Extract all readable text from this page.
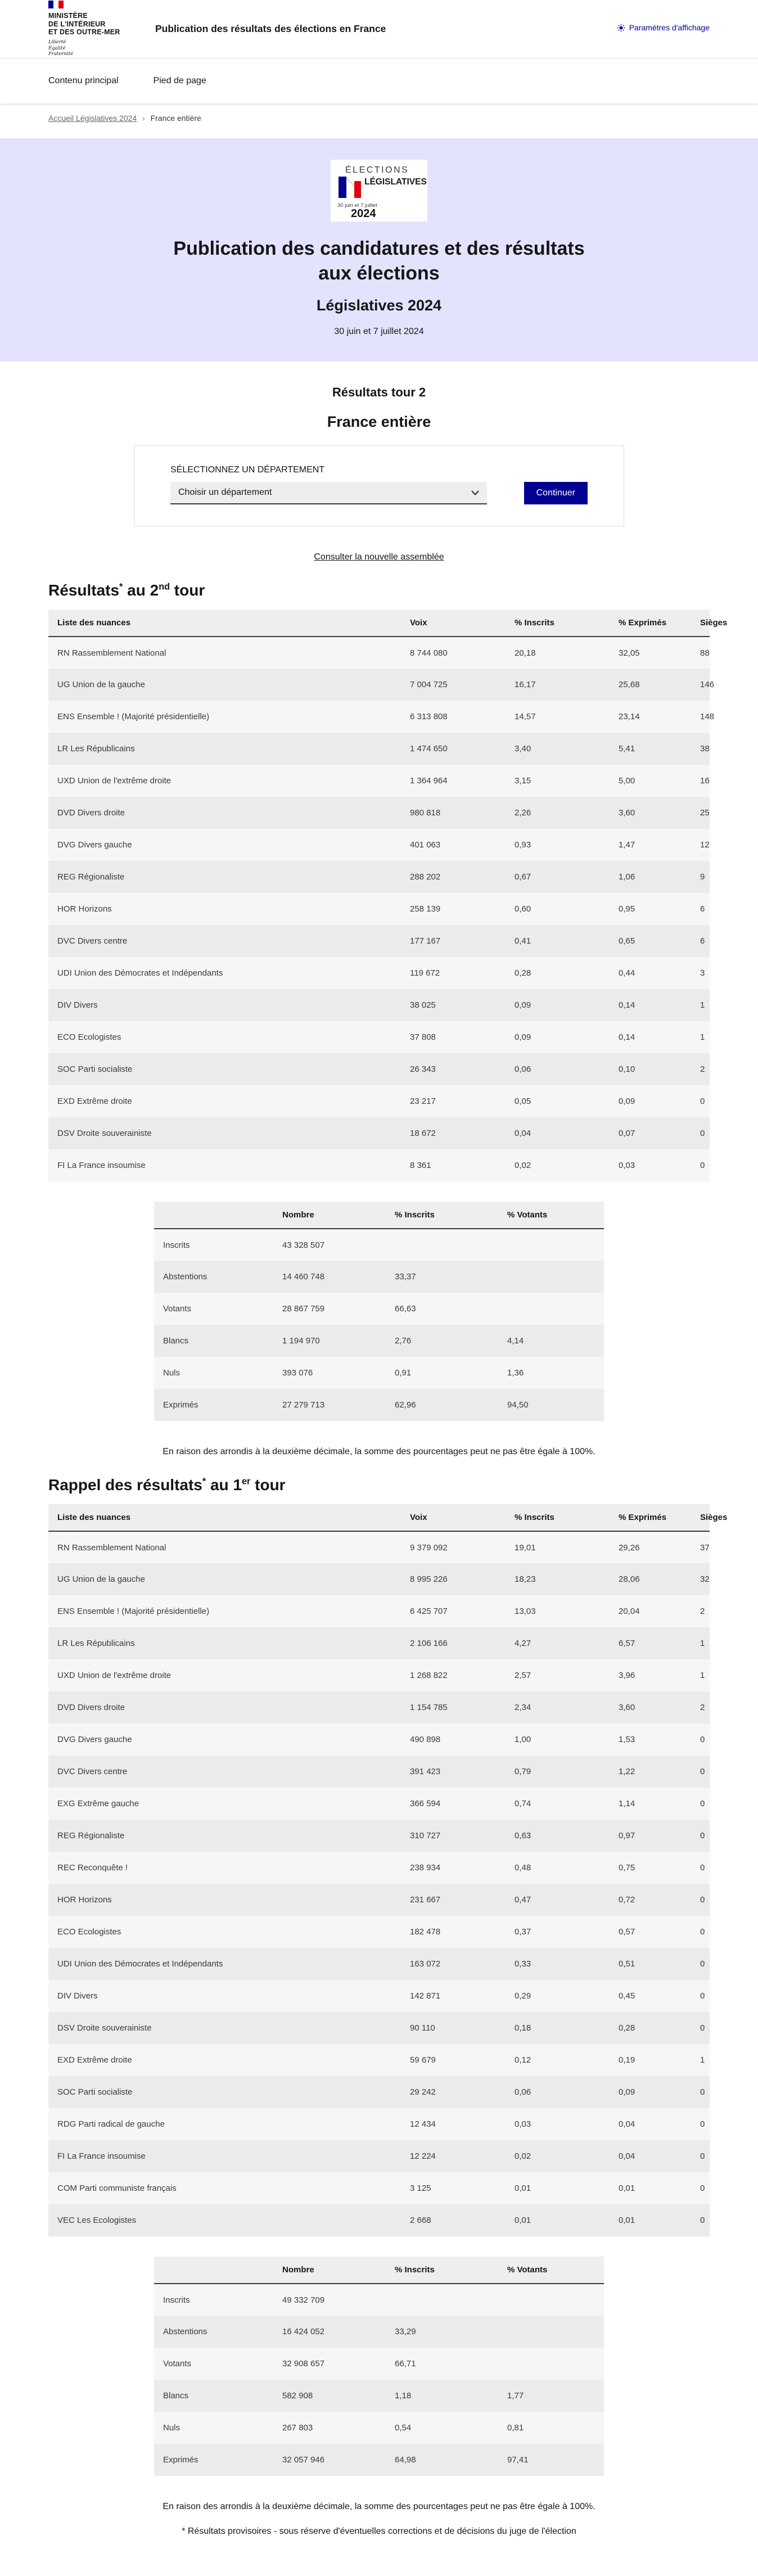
MINISTÈRE
DE L'INTÉRIEUR
ET DES OUTRE-MER
Liberté
Égalité
Fraternité
Publication des résultats des élections en France	Paramètres d'affichage
Contenu principal	Pied de page
Accueil Législatives 2024 › France entière
ÉLECTIONS
LÉGISLATIVES
30 juin et 7 juillet
2024
Publication des candidatures et des résultats aux élections
Législatives 2024
30 juin et 7 juillet 2024
Résultats tour 2
France entière
SÉLECTIONNEZ UN DÉPARTEMENT
Choisir un département	Continuer
Consulter la nouvelle assemblée
Résultats* au 2nd tour
Liste des nuances	Voix	% Inscrits	% Exprimés	Sièges
RN Rassemblement National	8 744 080	20,18	32,05	88
UG Union de la gauche	7 004 725	16,17	25,68	146
ENS Ensemble ! (Majorité présidentielle)	6 313 808	14,57	23,14	148
LR Les Républicains	1 474 650	3,40	5,41	38
UXD Union de l'extrême droite	1 364 964	3,15	5,00	16
DVD Divers droite	980 818	2,26	3,60	25
DVG Divers gauche	401 063	0,93	1,47	12
REG Régionaliste	288 202	0,67	1,06	9
HOR Horizons	258 139	0,60	0,95	6
DVC Divers centre	177 167	0,41	0,65	6
UDI Union des Démocrates et Indépendants	119 672	0,28	0,44	3
DIV Divers	38 025	0,09	0,14	1
ECO Ecologistes	37 808	0,09	0,14	1
SOC Parti socialiste	26 343	0,06	0,10	2
EXD Extrême droite	23 217	0,05	0,09	0
DSV Droite souverainiste	18 672	0,04	0,07	0
FI La France insoumise	8 361	0,02	0,03	0
	Nombre	% Inscrits	% Votants
Inscrits	43 328 507		
Abstentions	14 460 748	33,37	
Votants	28 867 759	66,63	
Blancs	1 194 970	2,76	4,14
Nuls	393 076	0,91	1,36
Exprimés	27 279 713	62,96	94,50
En raison des arrondis à la deuxième décimale, la somme des pourcentages peut ne pas être égale à 100%.
Rappel des résultats* au 1er tour
Liste des nuances	Voix	% Inscrits	% Exprimés	Sièges
RN Rassemblement National	9 379 092	19,01	29,26	37
UG Union de la gauche	8 995 226	18,23	28,06	32
ENS Ensemble ! (Majorité présidentielle)	6 425 707	13,03	20,04	2
LR Les Républicains	2 106 166	4,27	6,57	1
UXD Union de l'extrême droite	1 268 822	2,57	3,96	1
DVD Divers droite	1 154 785	2,34	3,60	2
DVG Divers gauche	490 898	1,00	1,53	0
DVC Divers centre	391 423	0,79	1,22	0
EXG Extrême gauche	366 594	0,74	1,14	0
REG Régionaliste	310 727	0,63	0,97	0
REC Reconquête !	238 934	0,48	0,75	0
HOR Horizons	231 667	0,47	0,72	0
ECO Ecologistes	182 478	0,37	0,57	0
UDI Union des Démocrates et Indépendants	163 072	0,33	0,51	0
DIV Divers	142 871	0,29	0,45	0
DSV Droite souverainiste	90 110	0,18	0,28	0
EXD Extrême droite	59 679	0,12	0,19	1
SOC Parti socialiste	29 242	0,06	0,09	0
RDG Parti radical de gauche	12 434	0,03	0,04	0
FI La France insoumise	12 224	0,02	0,04	0
COM Parti communiste français	3 125	0,01	0,01	0
VEC Les Ecologistes	2 668	0,01	0,01	0
	Nombre	% Inscrits	% Votants
Inscrits	49 332 709		
Abstentions	16 424 052	33,29	
Votants	32 908 657	66,71	
Blancs	582 908	1,18	1,77
Nuls	267 803	0,54	0,81
Exprimés	32 057 946	64,98	97,41
En raison des arrondis à la deuxième décimale, la somme des pourcentages peut ne pas être égale à 100%.
* Résultats provisoires - sous réserve d'éventuelles corrections et de décisions du juge de l'élection
